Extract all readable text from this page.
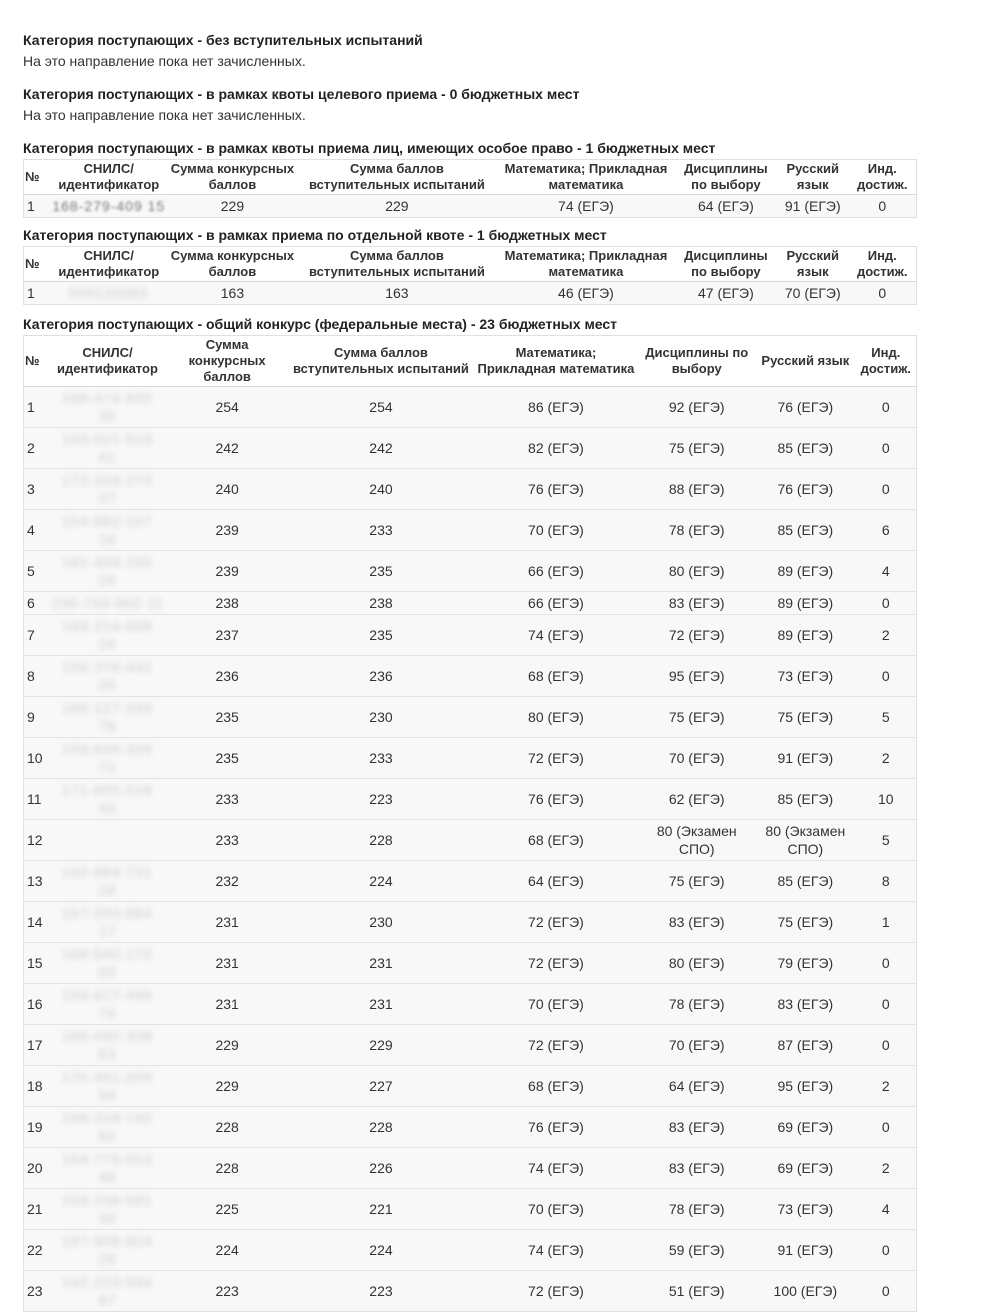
Категория поступающих - без вступительных испытаний

На это направление пока нет зачисленных.

Категория поступающих - в рамках квоты целевого приема - 0 бюджетных мест

На это направление пока нет зачисленных.

Категория поступающих - в рамках квоты приема лиц, имеющих особое право - 1 бюджетных мест
№	СНИЛС/ идентификатор	Сумма конкурсных баллов	Сумма баллов вступительных испытаний	Математика; Прикладная математика	Дисциплины по выбору	Русский язык	Инд. достиж.
1	168-279-409 15	229	229	74 (ЕГЭ)	64 (ЕГЭ)	91 (ЕГЭ)	0
Категория поступающих - в рамках приема по отдельной квоте - 1 бюджетных мест
№	СНИЛС/ идентификатор	Сумма конкурсных баллов	Сумма баллов вступительных испытаний	Математика; Прикладная математика	Дисциплины по выбору	Русский язык	Инд. достиж.
1	000135063	163	163	46 (ЕГЭ)	47 (ЕГЭ)	70 (ЕГЭ)	0
Категория поступающих - общий конкурс (федеральные места) - 23 бюджетных мест
№	СНИЛС/ идентификатор	Сумма конкурсных баллов	Сумма баллов вступительных испытаний	Математика; Прикладная математика	Дисциплины по выбору	Русский язык	Инд. достиж.
1	168-474-835 35	254	254	86 (ЕГЭ)	92 (ЕГЭ)	76 (ЕГЭ)	0
2	163-021-519 41	242	242	82 (ЕГЭ)	75 (ЕГЭ)	85 (ЕГЭ)	0
3	172-318-274 37	240	240	76 (ЕГЭ)	88 (ЕГЭ)	76 (ЕГЭ)	0
4	154-882-107 19	239	233	70 (ЕГЭ)	78 (ЕГЭ)	85 (ЕГЭ)	6
5	161-409-255 26	239	235	66 (ЕГЭ)	80 (ЕГЭ)	89 (ЕГЭ)	4
6	158-733-902 11	238	238	66 (ЕГЭ)	83 (ЕГЭ)	89 (ЕГЭ)	0
7	169-214-608 24	237	235	74 (ЕГЭ)	72 (ЕГЭ)	89 (ЕГЭ)	2
8	150-376-441 05	236	236	68 (ЕГЭ)	95 (ЕГЭ)	73 (ЕГЭ)	0
9	166-127-593 78	235	230	80 (ЕГЭ)	75 (ЕГЭ)	75 (ЕГЭ)	5
10	159-840-326 72	235	233	72 (ЕГЭ)	70 (ЕГЭ)	91 (ЕГЭ)	2
11	171-655-018 43	233	223	76 (ЕГЭ)	62 (ЕГЭ)	85 (ЕГЭ)	10
12		233	228	68 (ЕГЭ)	80 (Экзамен СПО)	80 (Экзамен СПО)	5
13	162-984-731 28	232	224	64 (ЕГЭ)	75 (ЕГЭ)	85 (ЕГЭ)	8
14	157-203-864 17	231	230	72 (ЕГЭ)	83 (ЕГЭ)	75 (ЕГЭ)	1
15	168-540-172 00	231	231	72 (ЕГЭ)	80 (ЕГЭ)	79 (ЕГЭ)	0
16	153-617-495 74	231	231	70 (ЕГЭ)	78 (ЕГЭ)	83 (ЕГЭ)	0
17	165-092-338 63	229	229	72 (ЕГЭ)	70 (ЕГЭ)	87 (ЕГЭ)	0
18	170-461-209 56	229	227	68 (ЕГЭ)	64 (ЕГЭ)	95 (ЕГЭ)	2
19	156-318-740 92	228	228	76 (ЕГЭ)	83 (ЕГЭ)	69 (ЕГЭ)	0
20	164-775-013 48	228	226	74 (ЕГЭ)	83 (ЕГЭ)	69 (ЕГЭ)	2
21	159-236-581 30	225	221	70 (ЕГЭ)	78 (ЕГЭ)	73 (ЕГЭ)	4
22	167-908-624 29	224	224	74 (ЕГЭ)	59 (ЕГЭ)	91 (ЕГЭ)	0
23	142-223-594 87	223	223	72 (ЕГЭ)	51 (ЕГЭ)	100 (ЕГЭ)	0
